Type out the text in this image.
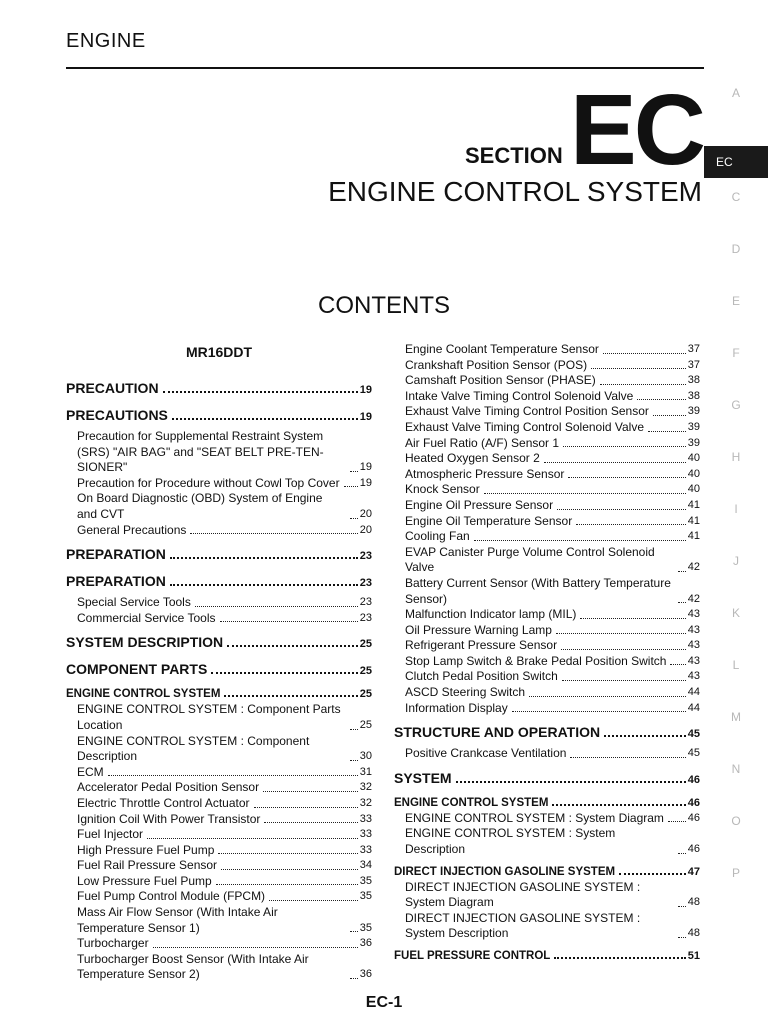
ENGINE
SECTION EC
ENGINE CONTROL SYSTEM
CONTENTS
A
EC
C
D
E
F
G
H
I
J
K
L
M
N
O
P
MR16DDT
PRECAUTION	19
PRECAUTIONS	19
Precaution for Supplemental Restraint System (SRS) "AIR BAG" and "SEAT BELT PRE-TEN-SIONER"	19
Precaution for Procedure without Cowl Top Cover 19
On Board Diagnostic (OBD) System of Engine and CVT	20
General Precautions	20
PREPARATION	23
PREPARATION	23
Special Service Tools	23
Commercial Service Tools	23
SYSTEM DESCRIPTION	25
COMPONENT PARTS	25
ENGINE CONTROL SYSTEM	25
ENGINE CONTROL SYSTEM : Component Parts Location	25
ENGINE CONTROL SYSTEM : Component Description	30
ECM	31
Accelerator Pedal Position Sensor	32
Electric Throttle Control Actuator	32
Ignition Coil With Power Transistor	33
Fuel Injector	33
High Pressure Fuel Pump	33
Fuel Rail Pressure Sensor	34
Low Pressure Fuel Pump	35
Fuel Pump Control Module (FPCM)	35
Mass Air Flow Sensor (With Intake Air Temperature Sensor 1)	35
Turbocharger	36
Turbocharger Boost Sensor (With Intake Air Temperature Sensor 2)	36
Engine Coolant Temperature Sensor	37
Crankshaft Position Sensor (POS)	37
Camshaft Position Sensor (PHASE)	38
Intake Valve Timing Control Solenoid Valve	38
Exhaust Valve Timing Control Position Sensor	39
Exhaust Valve Timing Control Solenoid Valve	39
Air Fuel Ratio (A/F) Sensor 1	39
Heated Oxygen Sensor 2	40
Atmospheric Pressure Sensor	40
Knock Sensor	40
Engine Oil Pressure Sensor	41
Engine Oil Temperature Sensor	41
Cooling Fan	41
EVAP Canister Purge Volume Control Solenoid Valve	42
Battery Current Sensor (With Battery Temperature Sensor)	42
Malfunction Indicator lamp (MIL)	43
Oil Pressure Warning Lamp	43
Refrigerant Pressure Sensor	43
Stop Lamp Switch & Brake Pedal Position Switch 43
Clutch Pedal Position Switch	43
ASCD Steering Switch	44
Information Display	44
STRUCTURE AND OPERATION	45
Positive Crankcase Ventilation	45
SYSTEM	46
ENGINE CONTROL SYSTEM	46
ENGINE CONTROL SYSTEM : System Diagram 46
ENGINE CONTROL SYSTEM : System Description	46
DIRECT INJECTION GASOLINE SYSTEM	47
DIRECT INJECTION GASOLINE SYSTEM : System Diagram	48
DIRECT INJECTION GASOLINE SYSTEM : System Description	48
FUEL PRESSURE CONTROL	51
EC-1
